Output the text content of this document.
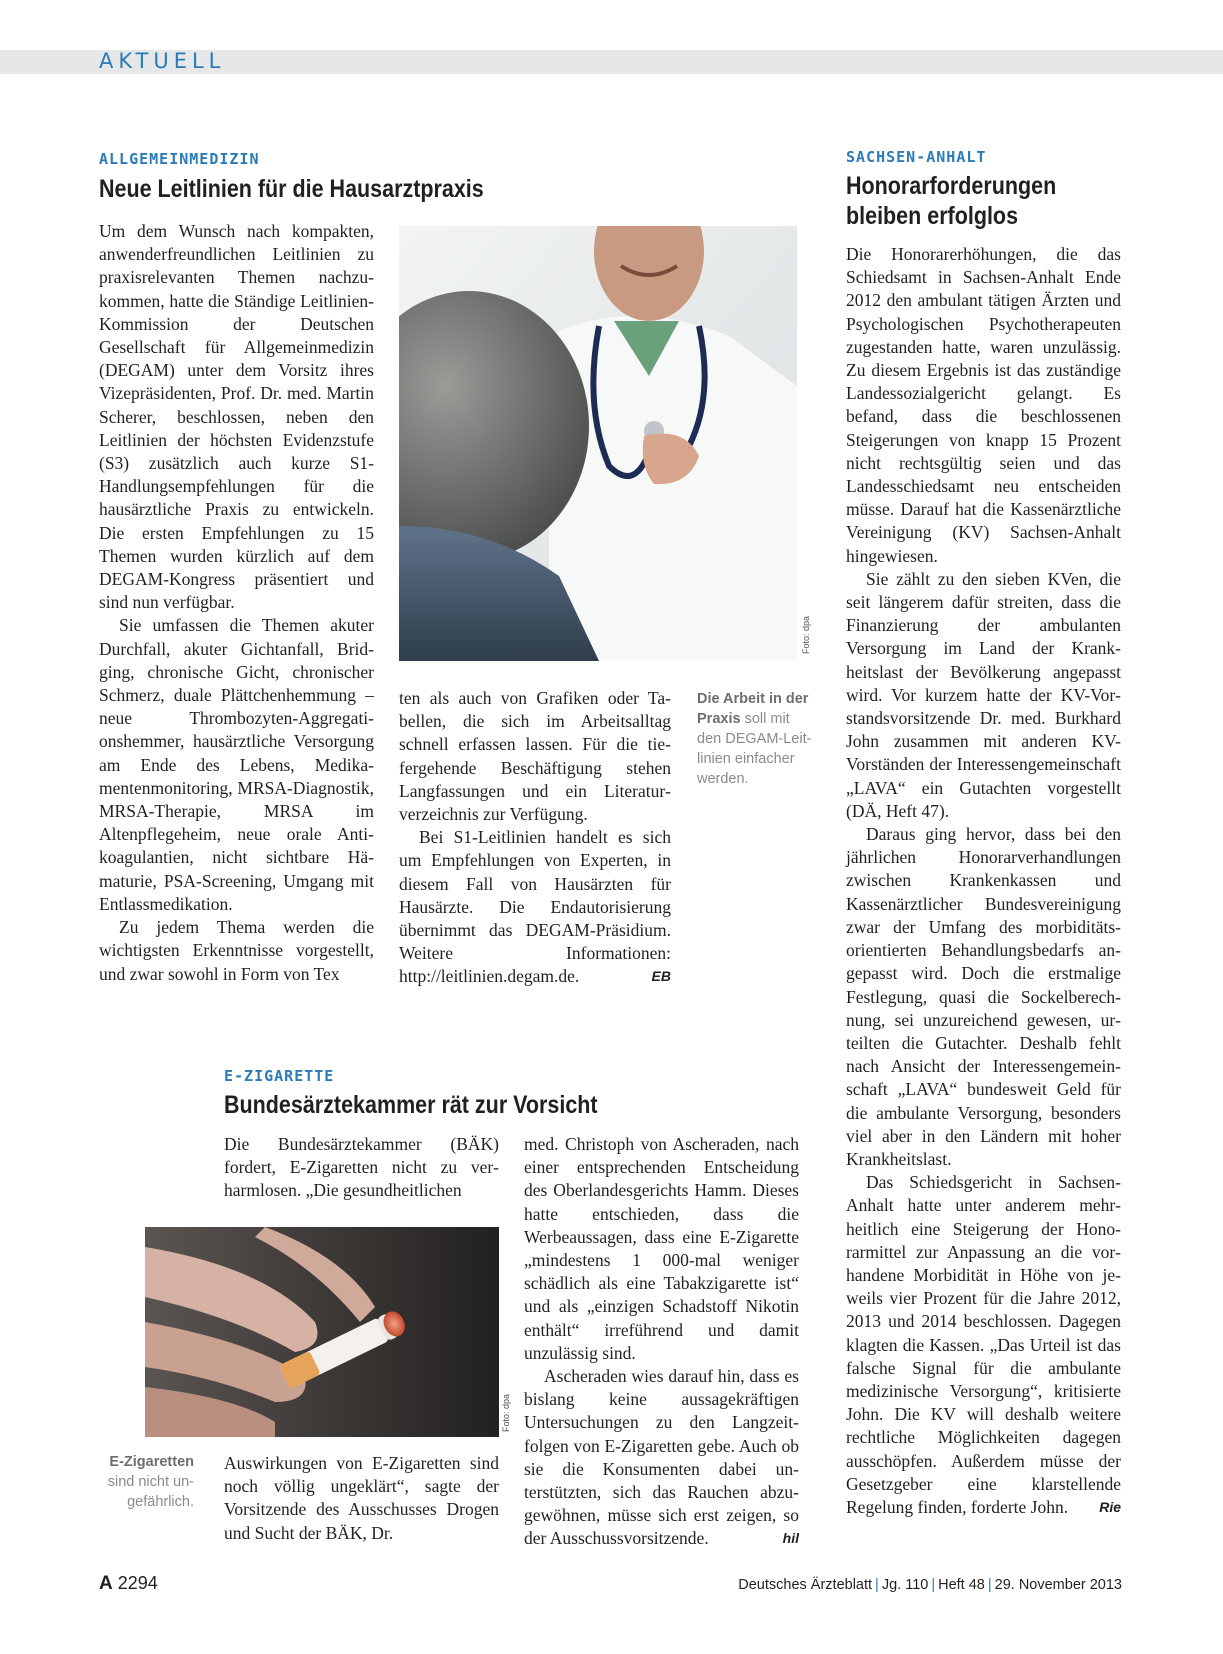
AKTUELL
ALLGEMEINMEDIZIN
Neue Leitlinien für die Hausarztpraxis

Um dem Wunsch nach kompakten, anwenderfreundlichen Leitlinien zu praxisrelevanten Themen nachzukommen, hatte die Ständige Leitlinien-Kommission der Deutschen Gesellschaft für Allgemeinmedizin (DEGAM) unter dem Vorsitz ihres Vizepräsidenten, Prof. Dr. med. Martin Scherer, beschlossen, neben den Leitlinien der höchsten Evidenzstufe (S3) zusätzlich auch kurze S1-Handlungsempfehlungen für die hausärztliche Praxis zu entwickeln. Die ersten Empfehlungen zu 15 Themen wurden kürzlich auf dem DEGAM-Kongress präsentiert und sind nun verfügbar.

Sie umfassen die Themen akuter Durchfall, akuter Gichtanfall, Bridging, chronische Gicht, chronischer Schmerz, duale Plättchenhemmung – neue Thrombozyten-Aggregationshemmer, hausärztliche Versorgung am Ende des Lebens, Medikamentenmonitoring, MRSA-Diagnostik, MRSA-Therapie, MRSA im Altenpflegeheim, neue orale Antikoagulantien, nicht sichtbare Hämaturie, PSA-Screening, Umgang mit Entlassmedikation.

Zu jedem Thema werden die wichtigsten Erkenntnisse vorgestellt, und zwar sowohl in Form von Tex

Foto: dpa

ten als auch von Grafiken oder Tabellen, die sich im Arbeitsalltag schnell erfassen lassen. Für die tiefergehende Beschäftigung stehen Langfassungen und ein Literaturverzeichnis zur Verfügung.

Bei S1-Leitlinien handelt es sich um Empfehlungen von Experten, in diesem Fall von Hausärzten für Hausärzte. Die Endautorisierung übernimmt das DEGAM-Präsidium. Weitere Informationen: http://leitlinien.degam.de.	EB

Die Arbeit in der Praxis soll mit den DEGAM-Leitlinien einfacher werden.
SACHSEN-ANHALT
Honorarforderungen
bleiben erfolglos

Die Honorarerhöhungen, die das Schiedsamt in Sachsen-Anhalt Ende 2012 den ambulant tätigen Ärzten und Psychologischen Psychotherapeuten zugestanden hatte, waren unzulässig. Zu diesem Ergebnis ist das zuständige Landessozialgericht gelangt. Es befand, dass die beschlossenen Steigerungen von knapp 15 Prozent nicht rechtsgültig seien und das Landesschiedsamt neu entscheiden müsse. Darauf hat die Kassenärztliche Vereinigung (KV) Sachsen-Anhalt hingewiesen.

Sie zählt zu den sieben KVen, die seit längerem dafür streiten, dass die Finanzierung der ambulanten Versorgung im Land der Krankheitslast der Bevölkerung angepasst wird. Vor kurzem hatte der KV-Vorstandsvorsitzende Dr. med. Burkhard John zusammen mit anderen KV-Vorständen der Interessengemeinschaft „LAVA“ ein Gutachten vorgestellt (DÄ, Heft 47).

Daraus ging hervor, dass bei den jährlichen Honorarverhandlungen zwischen Krankenkassen und Kassenärztlicher Bundesvereinigung zwar der Umfang des morbiditätsorientierten Behandlungsbedarfs angepasst wird. Doch die erstmalige Festlegung, quasi die Sockelberechnung, sei unzureichend gewesen, urteilten die Gutachter. Deshalb fehlt nach Ansicht der Interessengemeinschaft „LAVA“ bundesweit Geld für die ambulante Versorgung, besonders viel aber in den Ländern mit hoher Krankheitslast.

Das Schiedsgericht in Sachsen-Anhalt hatte unter anderem mehrheitlich eine Steigerung der Honorarmittel zur Anpassung an die vorhandene Morbidität in Höhe von jeweils vier Prozent für die Jahre 2012, 2013 und 2014 beschlossen. Dagegen klagten die Kassen. „Das Urteil ist das falsche Signal für die ambulante medizinische Versorgung“, kritisierte John. Die KV will deshalb weitere rechtliche Möglichkeiten dagegen ausschöpfen. Außerdem müsse der Gesetzgeber eine klarstellende Regelung finden, forderte John.	Rie

E-ZIGARETTE
Bundesärztekammer rät zur Vorsicht

Die Bundesärztekammer (BÄK) fordert, E-Zigaretten nicht zu verharmlosen. „Die gesundheitlichen

Foto: dpa
E-Zigaretten
sind nicht ungefährlich.

Auswirkungen von E-Zigaretten sind noch völlig ungeklärt“, sagte der Vorsitzende des Ausschusses Drogen und Sucht der BÄK, Dr.

med. Christoph von Ascheraden, nach einer entsprechenden Entscheidung des Oberlandesgerichts Hamm. Dieses hatte entschieden, dass die Werbeaussagen, dass eine E-Zigarette „mindestens 1 000-mal weniger schädlich als eine Tabakzigarette ist“ und als „einzigen Schadstoff Nikotin enthält“ irreführend und damit unzulässig sind.

Ascheraden wies darauf hin, dass es bislang keine aussagekräftigen Untersuchungen zu den Langzeitfolgen von E-Zigaretten gebe. Auch ob sie die Konsumenten dabei unterstützten, sich das Rauchen abzugewöhnen, müsse sich erst zeigen, so der Ausschussvorsitzende.	hil

A 2294	Deutsches Ärzteblatt | Jg. 110 | Heft 48 | 29. November 2013
